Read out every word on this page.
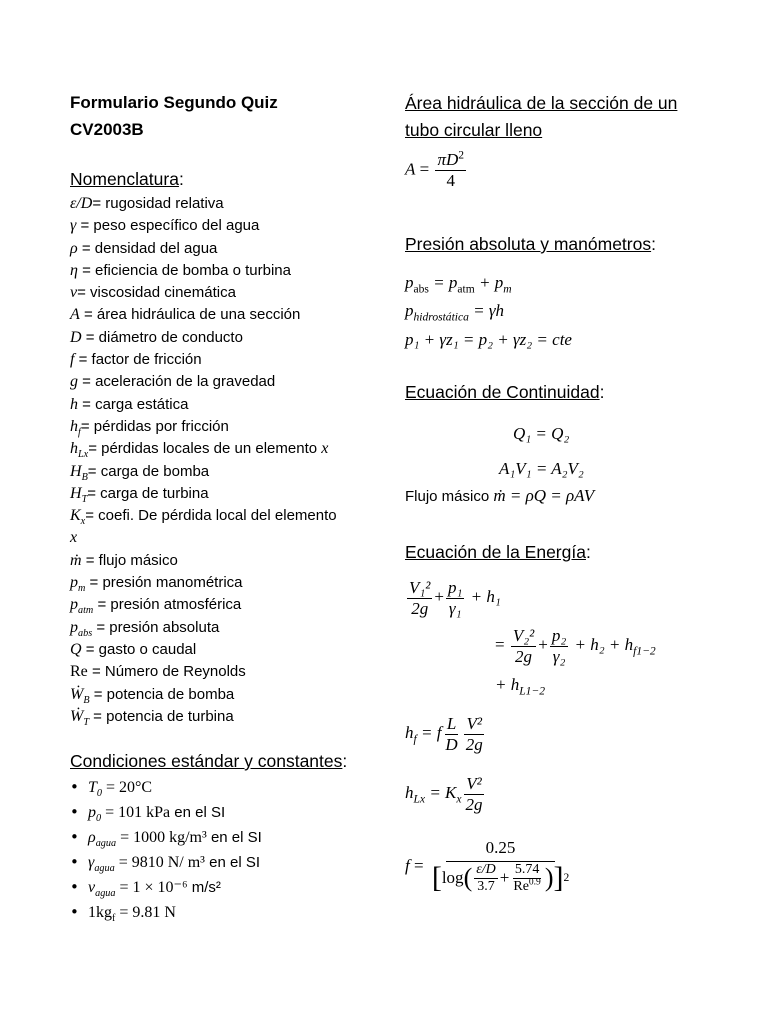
Formulario Segundo Quiz
CV2003B
Nomenclatura:
ε/D= rugosidad relativa
γ = peso específico del agua
ρ = densidad del agua
η = eficiencia de bomba o turbina
ν= viscosidad cinemática
A = área hidráulica de una sección
D = diámetro de conducto
f = factor de fricción
g = aceleración de la gravedad
h = carga estática
$h_f=$ pérdidas por fricción
$h_{Lx}=$ pérdidas locales de un elemento x
$H_B=$ carga de bomba
$H_T=$ carga de turbina
$K_x=$ coefi. De pérdida local del elemento
x
ṁ = flujo másico
$p_m$ = presión manométrica
$p_{atm}$ = presión atmosférica
$p_{abs}$ = presión absoluta
Q = gasto o caudal
Re = Número de Reynolds
Ẇ$_B$ = potencia de bomba
Ẇ$_T$ = potencia de turbina
Condiciones estándar y constantes:
• $T_0 = 20^\circ C$
• $p_0 = 101$ kPa en el SI
• $\rho_{agua} = 1000$ kg/m³ en el SI
• $\gamma_{agua} = 9810$ N/ m³ en el SI
• $\nu_{agua} = 1 \times 10^{-6}$ m/s²
• $1kg_f = 9.81$ N
Área hidráulica de la sección de un
tubo circular lleno
$A = \frac{\pi D^2}{4}$
Presión absoluta y manómetros:
$p_{abs} = p_{atm} + p_m$
$p_{hidrostática} = \gamma h$
p₁ + γz₁ = p₂ + γz₂ = cte
Ecuación de Continuidad:
Q₁ = Q₂
A₁V₁ = A₂V₂
Flujo másico ṁ = ρQ = ρAV
Ecuación de la Energía:
$\frac{\text{V₁²}}{2g} + \frac{\text{p₁}}{\text{γ₁}} + h_1$
= $\frac{\text{V₂²}}{2g} + \frac{\text{p₂}}{\text{γ₂}} + h_2 + h_{f1-2}$
+ $h_{L1-2}$
$h_f = f \frac{L}{D} \frac{\text{V²}}{2g}$
$h_{Lx} = K_x \frac{\text{V²}}{2g}$
$f = \frac{0.25}{[ \log ( \frac{\varepsilon/D}{3.7} + \frac{5.74}{Re^{0.9}} ) ] 2}$
